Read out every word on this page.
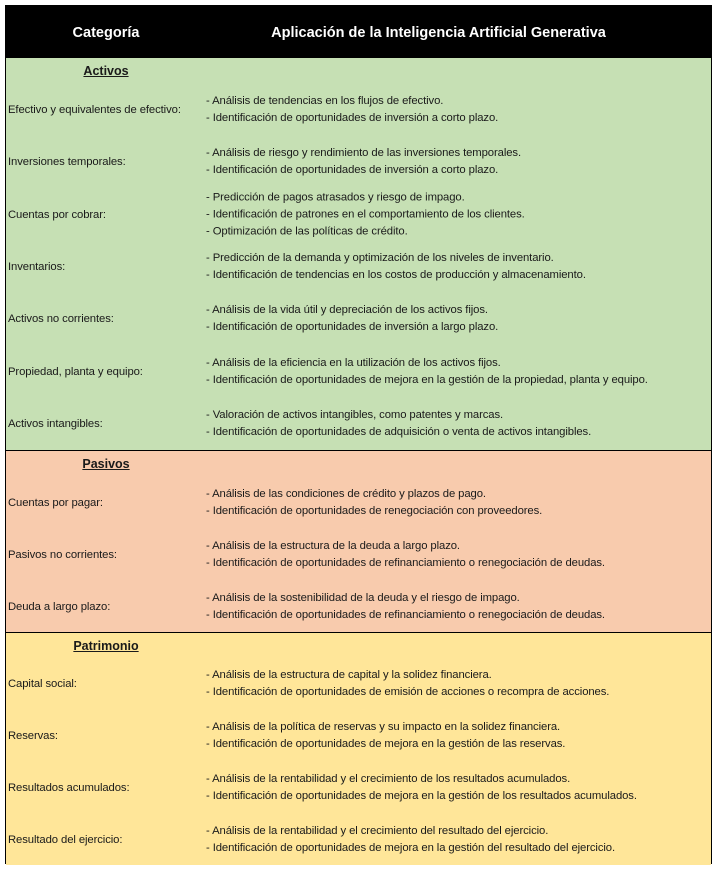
Categoría	Aplicación de la Inteligencia Artificial Generativa
Activos
Efectivo y equivalentes de efectivo:
- Análisis de tendencias en los flujos de efectivo.
- Identificación de oportunidades de inversión a corto plazo.
Inversiones temporales:
- Análisis de riesgo y rendimiento de las inversiones temporales.
- Identificación de oportunidades de inversión a corto plazo.
Cuentas por cobrar:
- Predicción de pagos atrasados y riesgo de impago.
- Identificación de patrones en el comportamiento de los clientes.
- Optimización de las políticas de crédito.
Inventarios:
- Predicción de la demanda y optimización de los niveles de inventario.
- Identificación de tendencias en los costos de producción y almacenamiento.
Activos no corrientes:
- Análisis de la vida útil y depreciación de los activos fijos.
- Identificación de oportunidades de inversión a largo plazo.
Propiedad, planta y equipo:
- Análisis de la eficiencia en la utilización de los activos fijos.
- Identificación de oportunidades de mejora en la gestión de la propiedad, planta y equipo.
Activos intangibles:
- Valoración de activos intangibles, como patentes y marcas.
- Identificación de oportunidades de adquisición o venta de activos intangibles.
Pasivos
Cuentas por pagar:
- Análisis de las condiciones de crédito y plazos de pago.
- Identificación de oportunidades de renegociación con proveedores.
Pasivos no corrientes:
- Análisis de la estructura de la deuda a largo plazo.
- Identificación de oportunidades de refinanciamiento o renegociación de deudas.
Deuda a largo plazo:
- Análisis de la sostenibilidad de la deuda y el riesgo de impago.
- Identificación de oportunidades de refinanciamiento o renegociación de deudas.
Patrimonio
Capital social:
- Análisis de la estructura de capital y la solidez financiera.
- Identificación de oportunidades de emisión de acciones o recompra de acciones.
Reservas:
- Análisis de la política de reservas y su impacto en la solidez financiera.
- Identificación de oportunidades de mejora en la gestión de las reservas.
Resultados acumulados:
- Análisis de la rentabilidad y el crecimiento de los resultados acumulados.
- Identificación de oportunidades de mejora en la gestión de los resultados acumulados.
Resultado del ejercicio:
- Análisis de la rentabilidad y el crecimiento del resultado del ejercicio.
- Identificación de oportunidades de mejora en la gestión del resultado del ejercicio.
